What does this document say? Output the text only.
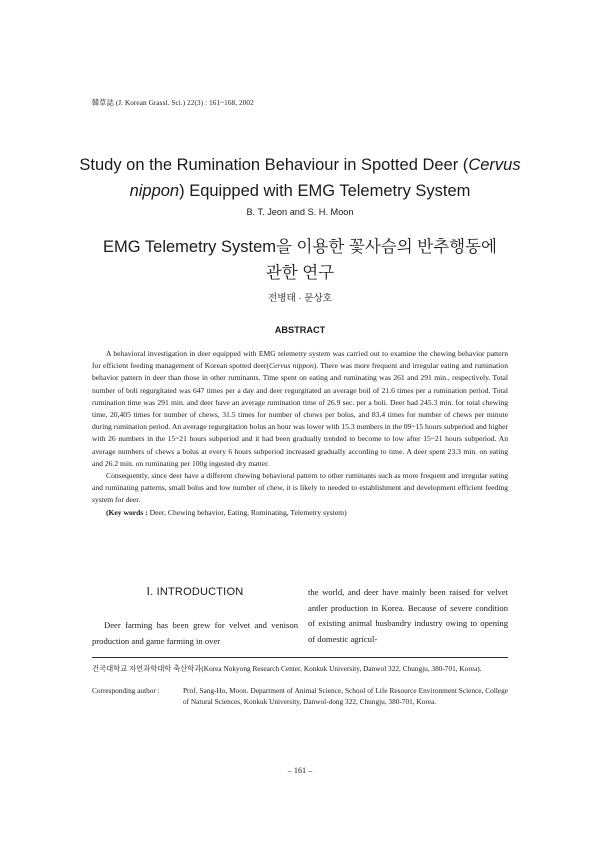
韓草誌 (J. Korean Grassl. Sci.) 22(3) : 161~168, 2002
Study on the Rumination Behaviour in Spotted Deer (Cervus
nippon) Equipped with EMG Telemetry System
B. T. Jeon and S. H. Moon
EMG Telemetry System을 이용한 꽃사슴의 반추행동에
관한 연구
전병태 · 문상호
ABSTRACT

A behavioral investigation in deer equipped with EMG telemetry system was carried out to examine the chewing behavior pattern for efficient feeding management of Korean spotted deer(Cervus nippon). There was more frequent and irregular eating and rumination behavior pattern in deer than those in other ruminants. Time spent on eating and ruminating was 261 and 291 min., respectively. Total number of boli regurgitated was 647 times per a day and deer regurgitated an average boil of 21.6 times per a rumination period. Total rumination time was 291 min. and deer have an average rumination time of 26.9 sec. per a boli. Deer had 245.3 min. for total chewing time, 20,405 times for number of chews, 31.5 times for number of chews per bolus, and 83.4 times for number of chews per minute during rumination period. An average regurgitation bolus an hour was lower with 15.3 numbers in the 09~15 hours subperiod and higher with 26 numbers in the 15~21 hours subperiod and it had been gradually trended to become to low after 15~21 hours subperiod. An average numbers of chews a bolus at every 6 hours subperiod increased gradually according to time. A deer spent 23.3 min. on eating and 26.2 min. on ruminating per 100g ingested dry matter.

Consequently, since deer have a different chewing behavioral pattern to other ruminants such as more frequent and irregular eating and ruminating patterns, small bolus and low number of chew, it is likely to needed to establishment and development efficient feeding system for deer.

(Key words : Deer, Chewing behavior, Eating, Ruminating, Telemetry system)

Ⅰ. INTRODUCTION

Deer farming has been grew for velvet and venison production and game farming in over

the world, and deer have mainly been raised for velvet antler production in Korea. Because of severe condition of existing animal husbandry industry owing to opening of domestic agricul-

건국대학교 자연과학대학 축산학과(Korea Nokyong Research Center, Konkuk University, Danwol 322, Chungju, 380-701, Korea).
Corresponding author :	Prof. Sang-Ho, Moon. Department of Animal Science, School of Life Resource Environment Science, College of Natural Sciences, Konkuk University, Danwol-dong 322, Chungju, 380-701, Korea.
– 161 –
